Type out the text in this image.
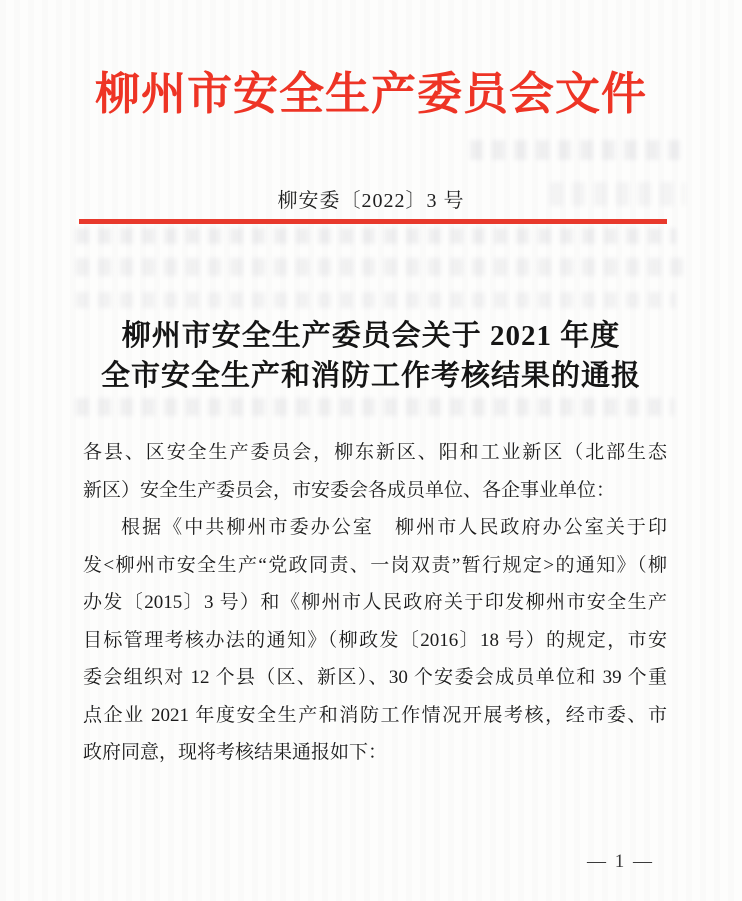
柳州市安全生产委员会文件
柳安委〔2022〕3 号
柳州市安全生产委员会关于 2021 年度
全市安全生产和消防工作考核结果的通报
各县、区安全生产委员会，柳东新区、阳和工业新区（北部生态
新区）安全生产委员会，市安委会各成员单位、各企事业单位：
根据《中共柳州市委办公室　柳州市人民政府办公室关于印
发<柳州市安全生产“党政同责、一岗双责”暂行规定>的通知》（柳
办发〔2015〕3 号）和《柳州市人民政府关于印发柳州市安全生产
目标管理考核办法的通知》（柳政发〔2016〕18 号）的规定，市安
委会组织对 12 个县（区、新区）、30 个安委会成员单位和 39 个重
点企业 2021 年度安全生产和消防工作情况开展考核，经市委、市
政府同意，现将考核结果通报如下：
— 1 —
